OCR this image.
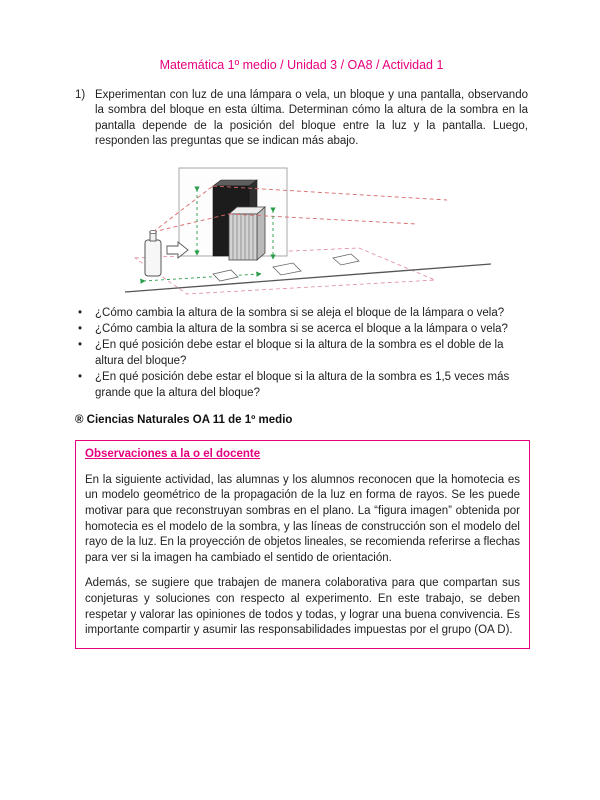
Matemática 1º medio / Unidad 3 / OA8 / Actividad 1
1) Experimentan con luz de una lámpara o vela, un bloque y una pantalla, observando la sombra del bloque en esta última. Determinan cómo la altura de la sombra en la pantalla depende de la posición del bloque entre la luz y la pantalla. Luego, responden las preguntas que se indican más abajo.

• ¿Cómo cambia la altura de la sombra si se aleja el bloque de la lámpara o vela?
• ¿Cómo cambia la altura de la sombra si se acerca el bloque a la lámpara o vela?
• ¿En qué posición debe estar el bloque si la altura de la sombra es el doble de la altura del bloque?
• ¿En qué posición debe estar el bloque si la altura de la sombra es 1,5 veces más grande que la altura del bloque?

® Ciencias Naturales OA 11 de 1º medio

Observaciones a la o el docente

En la siguiente actividad, las alumnas y los alumnos reconocen que la homotecia es un modelo geométrico de la propagación de la luz en forma de rayos. Se les puede motivar para que reconstruyan sombras en el plano. La “figura imagen” obtenida por homotecia es el modelo de la sombra, y las líneas de construcción son el modelo del rayo de la luz. En la proyección de objetos lineales, se recomienda referirse a flechas para ver si la imagen ha cambiado el sentido de orientación.

Además, se sugiere que trabajen de manera colaborativa para que compartan sus conjeturas y soluciones con respecto al experimento. En este trabajo, se deben respetar y valorar las opiniones de todos y todas, y lograr una buena convivencia. Es importante compartir y asumir las responsabilidades impuestas por el grupo (OA D).
